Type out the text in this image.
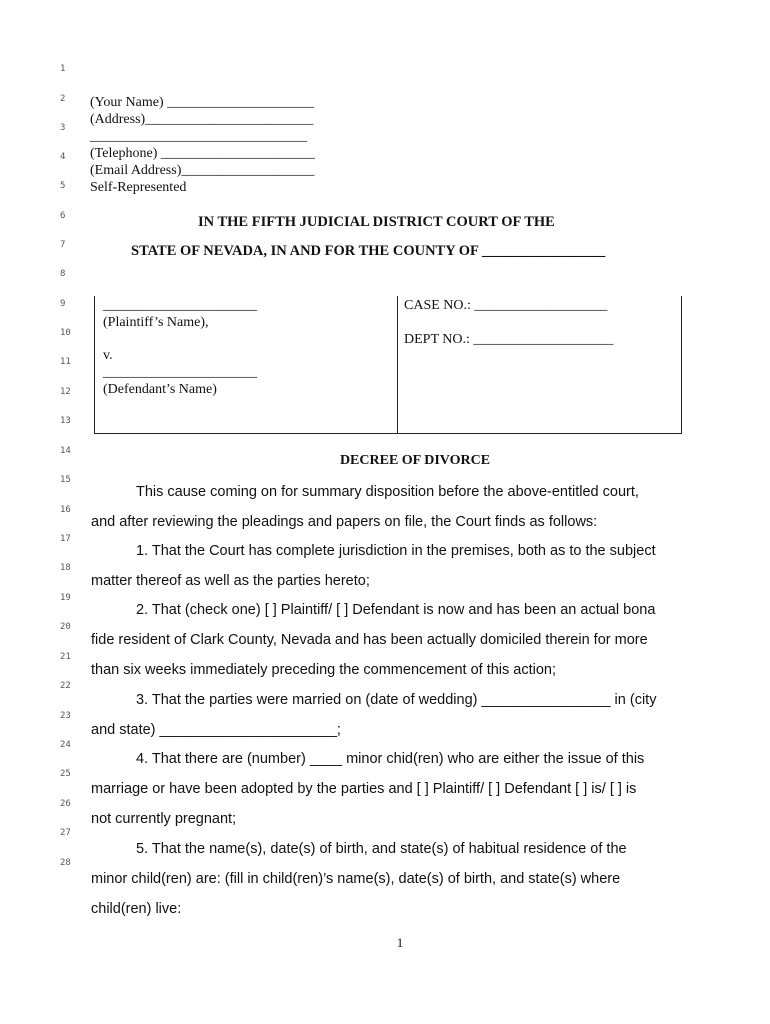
1
2
3
4
5
6
7
8
9
10
11
12
13
14
15
16
17
18
19
20
21
22
23
24
25
26
27
28
(Your Name) _____________________
(Address)________________________
_______________________________
(Telephone) ______________________
(Email Address)___________________
Self-Represented
IN THE FIFTH JUDICIAL DISTRICT COURT OF THE
STATE OF NEVADA, IN AND FOR THE COUNTY OF _________________
______________________
(Plaintiff’s Name),
v.
______________________
(Defendant’s Name)
CASE NO.: ___________________
DEPT NO.: ____________________
DECREE OF DIVORCE
This cause coming on for summary disposition before the above-entitled court,
and after reviewing the pleadings and papers on file, the Court finds as follows:
1. That the Court has complete jurisdiction in the premises, both as to the subject
matter thereof as well as the parties hereto;
2. That (check one) [ ] Plaintiff/ [ ] Defendant is now and has been an actual bona
fide resident of Clark County, Nevada and has been actually domiciled therein for more
than six weeks immediately preceding the commencement of this action;
3. That the parties were married on (date of wedding) ________________ in (city
and state) ______________________;
4. That there are (number) ____ minor chid(ren) who are either the issue of this
marriage or have been adopted by the parties and [ ] Plaintiff/ [ ] Defendant [ ] is/ [ ] is
not currently pregnant;
5. That the name(s), date(s) of birth, and state(s) of habitual residence of the
minor child(ren) are: (fill in child(ren)’s name(s), date(s) of birth, and state(s) where
child(ren) live:
1
